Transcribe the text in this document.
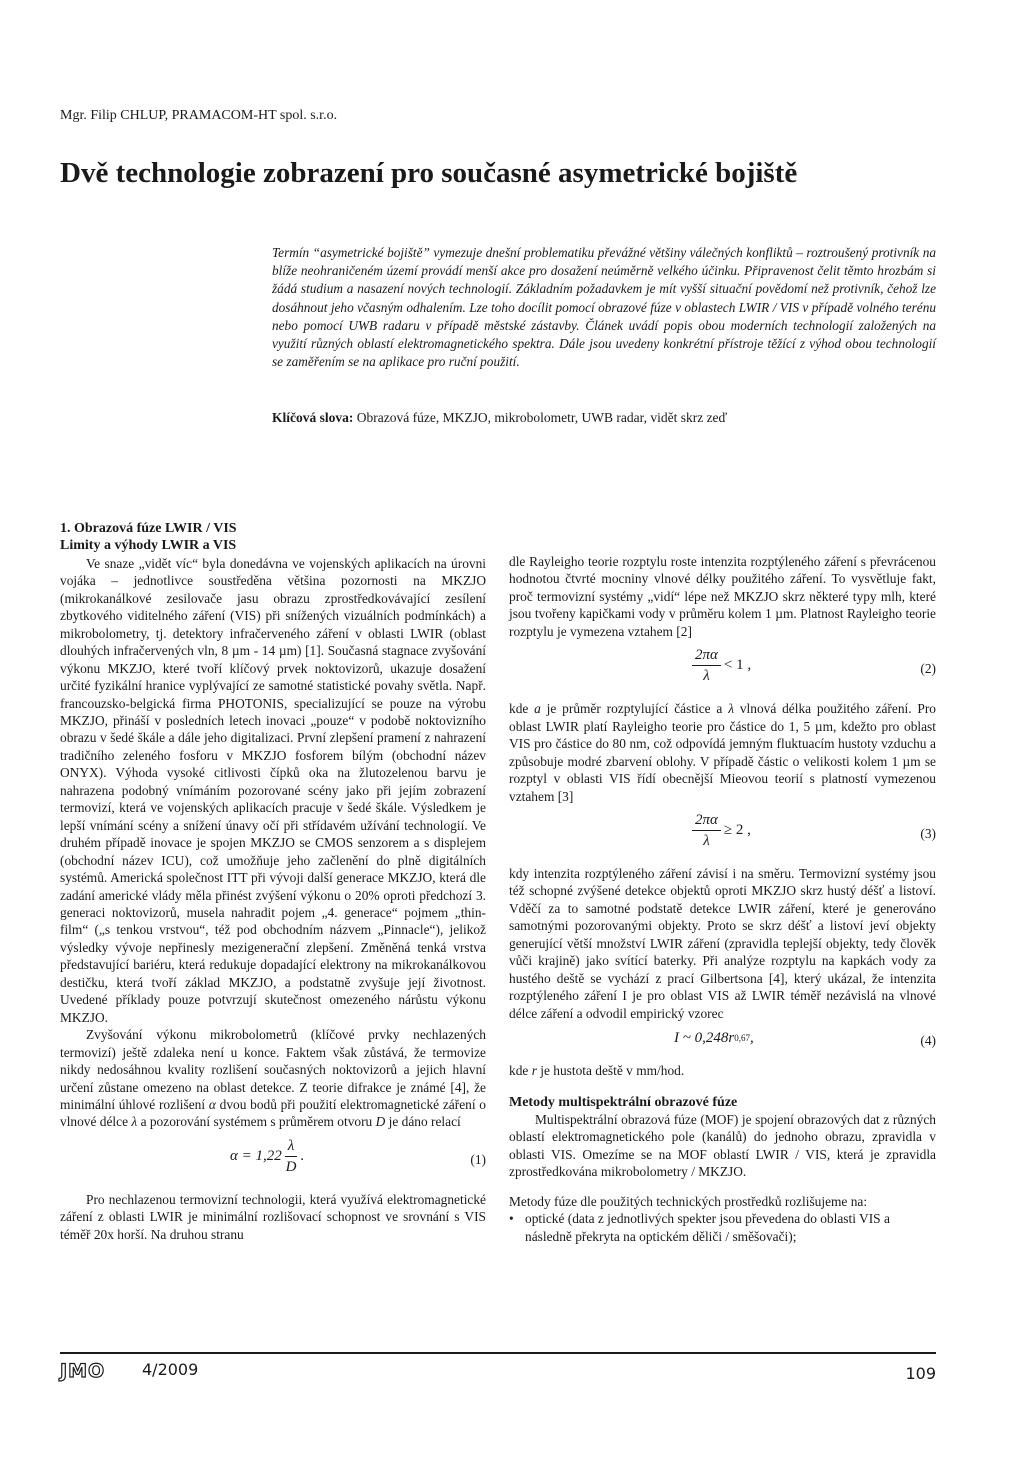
Mgr. Filip CHLUP, PRAMACOM-HT spol. s.r.o.
Dvě technologie zobrazení pro současné asymetrické bojiště

Termín “asymetrické bojiště” vymezuje dnešní problematiku převážné většiny válečných konfliktů – roztroušený protivník na blíže neohraničeném území provádí menší akce pro dosažení neúměrně velkého účinku. Připravenost čelit těmto hrozbám si žádá studium a nasazení nových technologií. Základním požadavkem je mít vyšší situační povědomí než protivník, čehož lze dosáhnout jeho včasným odhalením. Lze toho docílit pomocí obrazové fúze v oblastech LWIR / VIS v případě volného terénu nebo pomocí UWB radaru v případě městské zástavby. Článek uvádí popis obou moderních technologií založených na využití různých oblastí elektromagnetického spektra. Dále jsou uvedeny konkrétní přístroje těžící z výhod obou technologií se zaměřením se na aplikace pro ruční použití.

Klíčová slova: Obrazová fúze, MKZJO, mikrobolometr, UWB radar, vidět skrz zeď

1. Obrazová fúze LWIR / VIS
Limity a výhody LWIR a VIS

Ve snaze „vidět víc“ byla donedávna ve vojenských aplikacích na úrovni vojáka – jednotlivce soustředěna většina pozornosti na MKZJO (mikrokanálkové zesilovače jasu obrazu zprostředkovávající zesílení zbytkového viditelného záření (VIS) při snížených vizuálních podmínkách) a mikrobolometry, tj. detektory infračerveného záření v oblasti LWIR (oblast dlouhých infračervených vln, 8 µm - 14 µm) [1]. Současná stagnace zvyšování výkonu MKZJO, které tvoří klíčový prvek noktovizorů, ukazuje dosažení určité fyzikální hranice vyplývající ze samotné statistické povahy světla. Např. francouzsko-belgická firma PHOTONIS, specializující se pouze na výrobu MKZJO, přináší v posledních letech inovaci „pouze“ v podobě noktovizního obrazu v šedé škále a dále jeho digitalizaci. První zlepšení pramení z nahrazení tradičního zeleného fosforu v MKZJO fosforem bílým (obchodní název ONYX). Výhoda vysoké citlivosti čípků oka na žlutozelenou barvu je nahrazena podobný vnímáním pozorované scény jako při jejím zobrazení termovizí, která ve vojenských aplikacích pracuje v šedé škále. Výsledkem je lepší vnímání scény a snížení únavy očí při střídavém užívání technologií. Ve druhém případě inovace je spojen MKZJO se CMOS senzorem a s displejem (obchodní název ICU), což umožňuje jeho začlenění do plně digitálních systémů. Americká společnost ITT při vývoji další generace MKZJO, která dle zadání americké vlády měla přinést zvýšení výkonu o 20% oproti předchozí 3. generaci noktovizorů, musela nahradit pojem „4. generace“ pojmem „thin-film“ („s tenkou vrstvou“, též pod obchodním názvem „Pinnacle“), jelikož výsledky vývoje nepřinesly mezigenerační zlepšení. Změněná tenká vrstva představující bariéru, která redukuje dopadající elektrony na mikrokanálkovou destičku, která tvoří základ MKZJO, a podstatně zvyšuje její životnost. Uvedené příklady pouze potvrzují skutečnost omezeného nárůstu výkonu MKZJO.

Zvyšování výkonu mikrobolometrů (klíčové prvky nechlazených termovizí) ještě zdaleka není u konce. Faktem však zůstává, že termovize nikdy nedosáhnou kvality rozlišení současných noktovizorů a jejich hlavní určení zůstane omezeno na oblast detekce. Z teorie difrakce je známé [4], že minimální úhlové rozlišení α dvou bodů při použití elektromagnetické záření o vlnové délce λ a pozorování systémem s průměrem otvoru D je dáno relací

$\alpha = 1,22 \frac{\lambda}{D}$ .	(1)

Pro nechlazenou termovizní technologii, která využívá elektromagnetické záření z oblasti LWIR je minimální rozlišovací schopnost ve srovnání s VIS téměř 20x horší. Na druhou stranu

dle Rayleigho teorie rozptylu roste intenzita rozptýleného záření s převrácenou hodnotou čtvrté mocniny vlnové délky použitého záření. To vysvětluje fakt, proč termovizní systémy „vidí“ lépe než MKZJO skrz některé typy mlh, které jsou tvořeny kapičkami vody v průměru kolem 1 µm. Platnost Rayleigho teorie rozptylu je vymezena vztahem [2]

$\frac{2\pi\alpha}{\lambda} < 1$ ,	(2)

kde a je průměr rozptylující částice a λ vlnová délka použitého záření. Pro oblast LWIR platí Rayleigho teorie pro částice do 1, 5 µm, kdežto pro oblast VIS pro částice do 80 nm, což odpovídá jemným fluktuacím hustoty vzduchu a způsobuje modré zbarvení oblohy. V případě částic o velikosti kolem 1 µm se rozptyl v oblasti VIS řídí obecnější Mieovou teorií s platností vymezenou vztahem [3]

$\frac{2\pi\alpha}{\lambda} \ge 2$ ,	(3)

kdy intenzita rozptýleného záření závisí i na směru. Termovizní systémy jsou též schopné zvýšené detekce objektů oproti MKZJO skrz hustý déšť a listoví. Vděčí za to samotné podstatě detekce LWIR záření, které je generováno samotnými pozorovanými objekty. Proto se skrz déšť a listoví jeví objekty generující větší množství LWIR záření (zpravidla teplejší objekty, tedy člověk vůči krajině) jako svítící baterky. Při analýze rozptylu na kapkách vody za hustého deště se vychází z prací Gilbertsona [4], který ukázal, že intenzita rozptýleného záření I je pro oblast VIS až LWIR téměř nezávislá na vlnové délce záření a odvodil empirický vzorec

I ~ 0,248r 0,67 ,	(4)

kde r je hustota deště v mm/hod.

Metody multispektrální obrazové fúze

Multispektrální obrazová fúze (MOF) je spojení obrazových dat z různých oblastí elektromagnetického pole (kanálů) do jednoho obrazu, zpravidla v oblasti VIS. Omezíme se na MOF oblastí LWIR / VIS, která je zpravidla zprostředkována mikrobolometry / MKZJO.

Metody fúze dle použitých technických prostředků rozlišujeme na:

• optické (data z jednotlivých spekter jsou převedena do oblasti VIS a následně překryta na optickém děliči / směšovači);
JMO 4/2009	109
